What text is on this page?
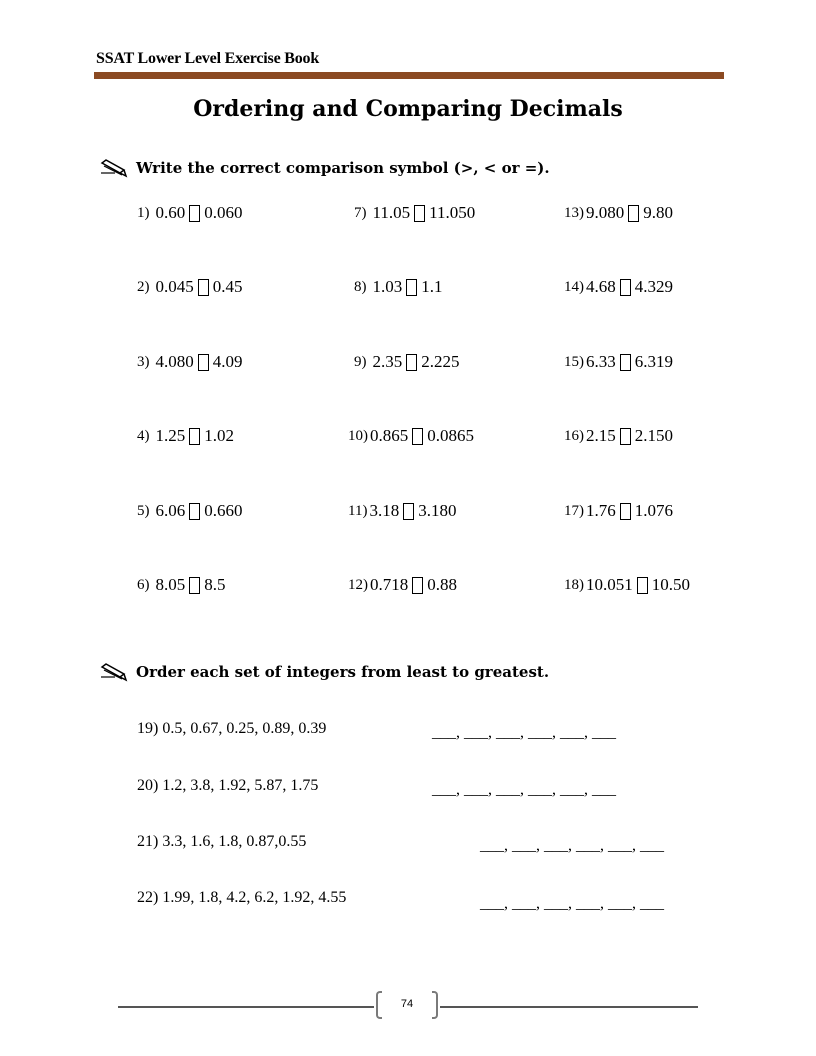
SSAT Lower Level Exercise Book
Ordering and Comparing Decimals
Write the correct comparison symbol (>, < or =).
1) 0.60 0.060
2) 0.045 0.45
3) 4.080 4.09
4) 1.25 1.02
5) 6.06 0.660
6) 8.05 8.5
7) 11.05 11.050
8) 1.03 1.1
9) 2.35 2.225
10) 0.865 0.0865
11) 3.18 3.180
12) 0.718 0.88
13) 9.080 9.80
14) 4.68 4.329
15) 6.33 6.319
16) 2.15 2.150
17) 1.76 1.076
18) 10.051 10.50
Order each set of integers from least to greatest.
19) 0.5, 0.67, 0.25, 0.89, 0.39	___, ___, ___, ___, ___, ___
20) 1.2, 3.8, 1.92, 5.87, 1.75	___, ___, ___, ___, ___, ___
21) 3.3, 1.6, 1.8, 0.87,0.55	___, ___, ___, ___, ___, ___
22) 1.99, 1.8, 4.2, 6.2, 1.92, 4.55	___, ___, ___, ___, ___, ___
74
